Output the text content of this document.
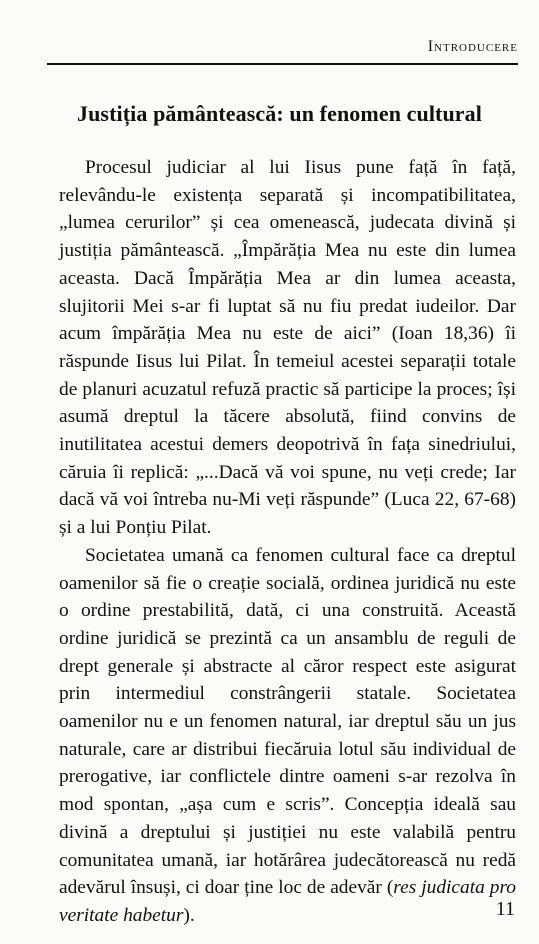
Introducere
Justiția pământească: un fenomen cultural

Procesul judiciar al lui Iisus pune față în față, relevându-le existența separată și incompatibilitatea, „lumea cerurilor” și cea omenească, judecata divină și justiția pământească. „Împărăția Mea nu este din lumea aceasta. Dacă Împărăția Mea ar din lumea aceasta, slujitorii Mei s-ar fi luptat să nu fiu predat iudeilor. Dar acum împărăția Mea nu este de aici” (Ioan 18,36) îi răspunde Iisus lui Pilat. În temeiul acestei separații totale de planuri acuzatul refuză practic să participe la proces; își asumă dreptul la tăcere absolută, fiind convins de inutilitatea acestui demers deopotrivă în fața sinedriului, căruia îi replică: „...Dacă vă voi spune, nu veți crede; Iar dacă vă voi întreba nu-Mi veți răspunde” (Luca 22, 67-68) și a lui Ponțiu Pilat.

Societatea umană ca fenomen cultural face ca dreptul oamenilor să fie o creație socială, ordinea juridică nu este o ordine prestabilită, dată, ci una construită. Această ordine juridică se prezintă ca un ansamblu de reguli de drept generale și abstracte al căror respect este asigurat prin intermediul constrângerii statale. Societatea oamenilor nu e un fenomen natural, iar dreptul său un jus naturale, care ar distribui fiecăruia lotul său individual de prerogative, iar conflictele dintre oameni s-ar rezolva în mod spontan, „așa cum e scris”. Concepția ideală sau divină a dreptului și justiției nu este valabilă pentru comunitatea umană, iar hotărârea judecătorească nu redă adevărul însuși, ci doar ține loc de adevăr (res judicata pro veritate habetur).	11
